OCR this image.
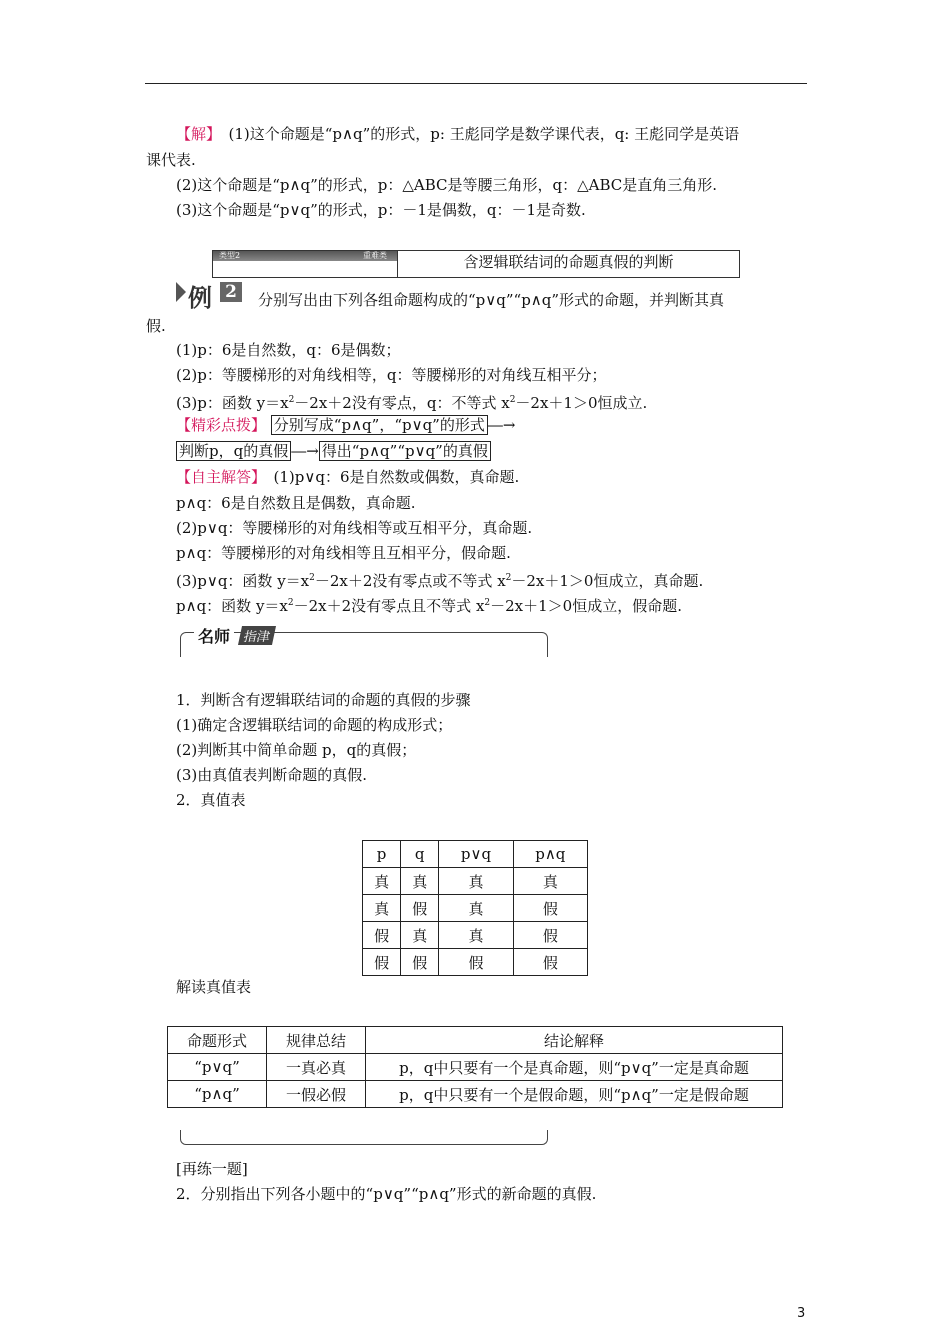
【解】　(1)这个命题是“p∧q”的形式，p: 王彪同学是数学课代表，q: 王彪同学是英语
课代表.
(2)这个命题是“p∧q”的形式，p：△ABC是等腰三角形，q：△ABC是直角三角形.
(3)这个命题是“p∨q”的形式，p：－1是偶数，q：－1是奇数.
类型2	重难类	含逻辑联结词的命题真假的判断
例 2	分别写出由下列各组命题构成的“p∨q”“p∧q”形式的命题，并判断其真
假.
(1)p：6是自然数，q：6是偶数；
(2)p：等腰梯形的对角线相等，q：等腰梯形的对角线互相平分；
(3)p：函数 $y=x^2-2x+2$没有零点，q：不等式 $x^2-2x+1>0$恒成立.
【精彩点拨】 分别写成“p∧q”，“p∨q”的形式 ―→
判断p，q的真假 ―→ 得出“p∧q”“p∨q”的真假
【自主解答】　(1)p∨q：6是自然数或偶数，真命题.
p∧q：6是自然数且是偶数，真命题.
(2)p∨q：等腰梯形的对角线相等或互相平分，真命题.
p∧q：等腰梯形的对角线相等且互相平分，假命题.
(3)p∨q：函数 $y=x^2-2x+2$没有零点或不等式 $x^2-2x+1>0$恒成立，真命题.
p∧q：函数 $y=x^2-2x+2$没有零点且不等式 $x^2-2x+1>0$恒成立，假命题.
名师 指津
1．判断含有逻辑联结词的命题的真假的步骤
(1)确定含逻辑联结词的命题的构成形式；
(2)判断其中简单命题 p，q的真假；
(3)由真值表判断命题的真假.
2．真值表
p	q	p∨q	p∧q
真	真	真	真
真	假	真	假
假	真	真	假
假	假	假	假
解读真值表
命题形式	规律总结	结论解释
“p∨q”	一真必真	p，q中只要有一个是真命题，则“p∨q”一定是真命题
“p∧q”	一假必假	p，q中只要有一个是假命题，则“p∧q”一定是假命题
[再练一题]
2．分别指出下列各小题中的“p∨q”“p∧q”形式的新命题的真假.
3
